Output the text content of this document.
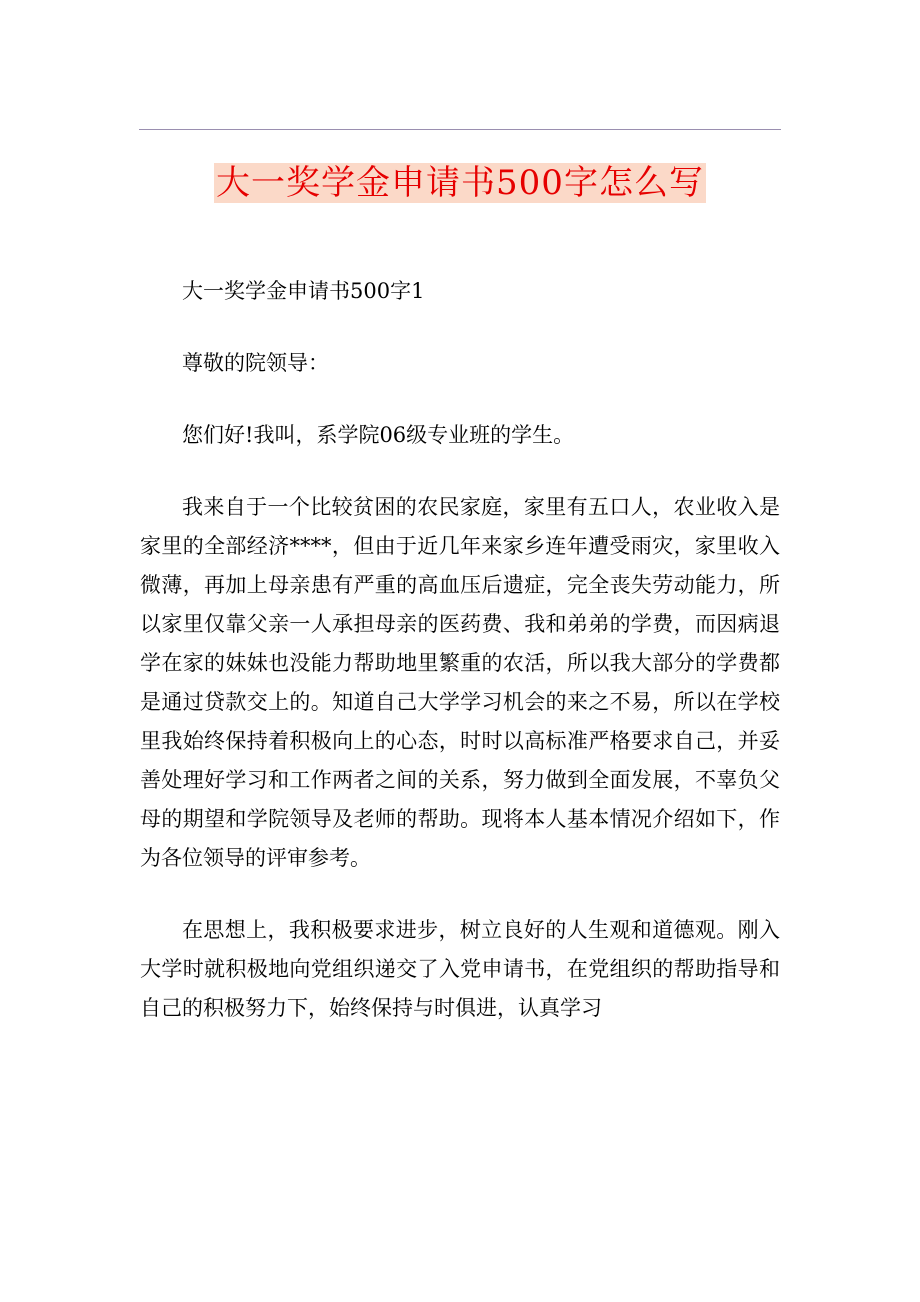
大一奖学金申请书500字怎么写

大一奖学金申请书500字1

尊敬的院领导：

您们好!我叫，系学院06级专业班的学生。

我来自于一个比较贫困的农民家庭，家里有五口人，农业收入是家里的全部经济****，但由于近几年来家乡连年遭受雨灾，家里收入微薄，再加上母亲患有严重的高血压后遗症，完全丧失劳动能力，所以家里仅靠父亲一人承担母亲的医药费、我和弟弟的学费，而因病退学在家的妹妹也没能力帮助地里繁重的农活，所以我大部分的学费都是通过贷款交上的。知道自己大学学习机会的来之不易，所以在学校里我始终保持着积极向上的心态，时时以高标准严格要求自己，并妥善处理好学习和工作两者之间的关系，努力做到全面发展，不辜负父母的期望和学院领导及老师的帮助。现将本人基本情况介绍如下，作为各位领导的评审参考。

在思想上，我积极要求进步，树立良好的人生观和道德观。刚入大学时就积极地向党组织递交了入党申请书，在党组织的帮助指导和自己的积极努力下，始终保持与时俱进，认真学习
